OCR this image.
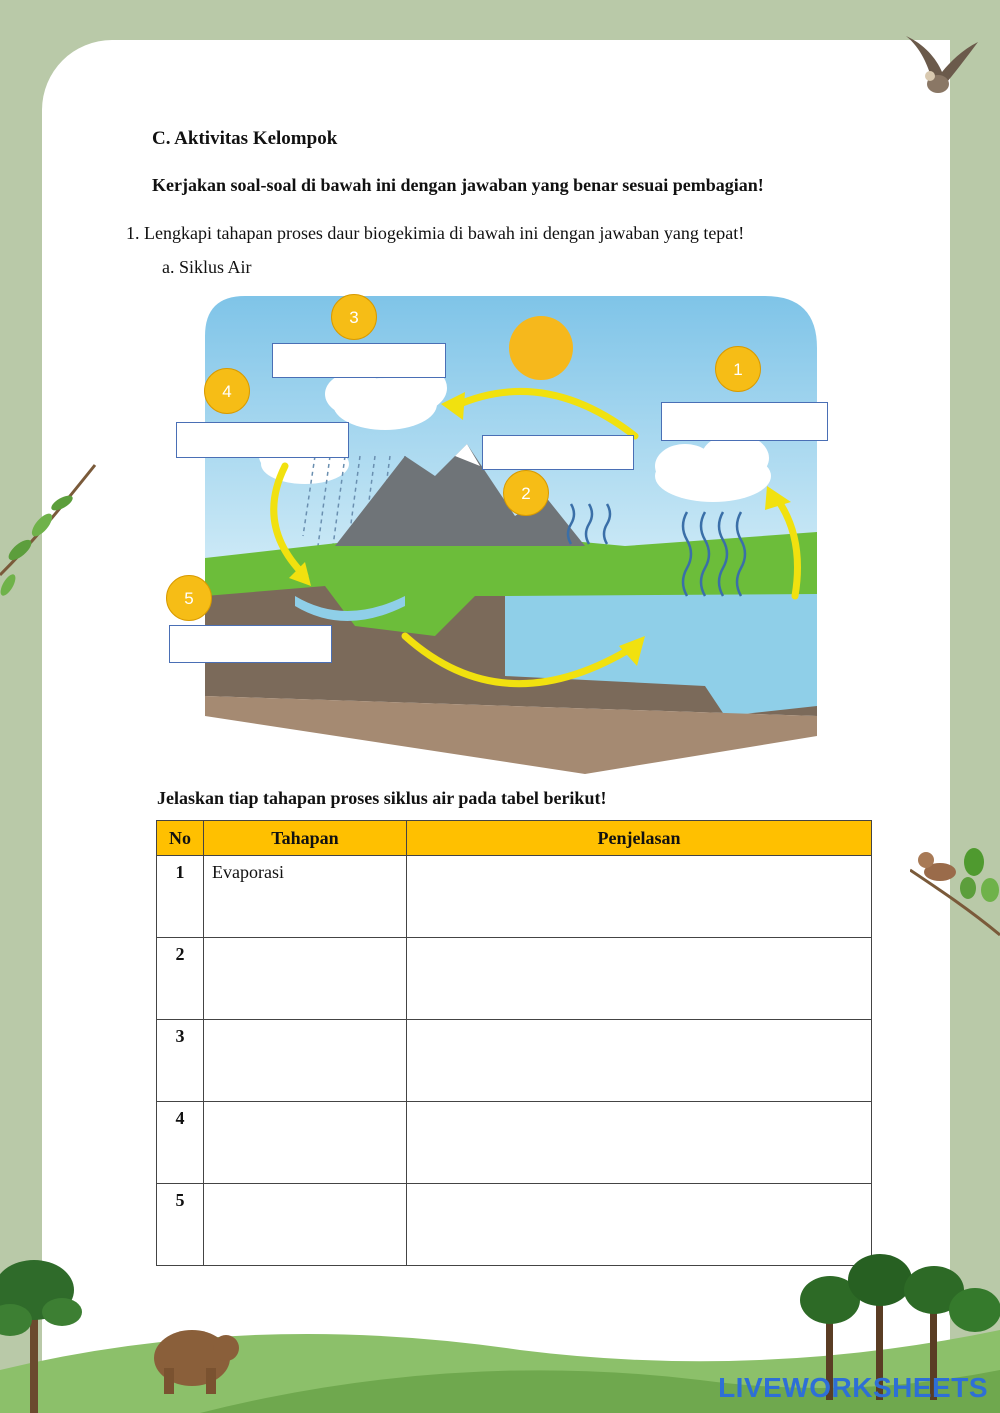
C. Aktivitas Kelompok
Kerjakan soal-soal di bawah ini dengan jawaban yang benar sesuai pembagian!
1. Lengkapi tahapan proses daur biogekimia di bawah ini dengan jawaban yang tepat!
a. Siklus Air
3
1
4
2
5
Jelaskan tiap tahapan proses siklus air pada tabel berikut!
No	Tahapan	Penjelasan
1	Evaporasi	
2		
3		
4		
5		
LIVEWORKSHEETS
